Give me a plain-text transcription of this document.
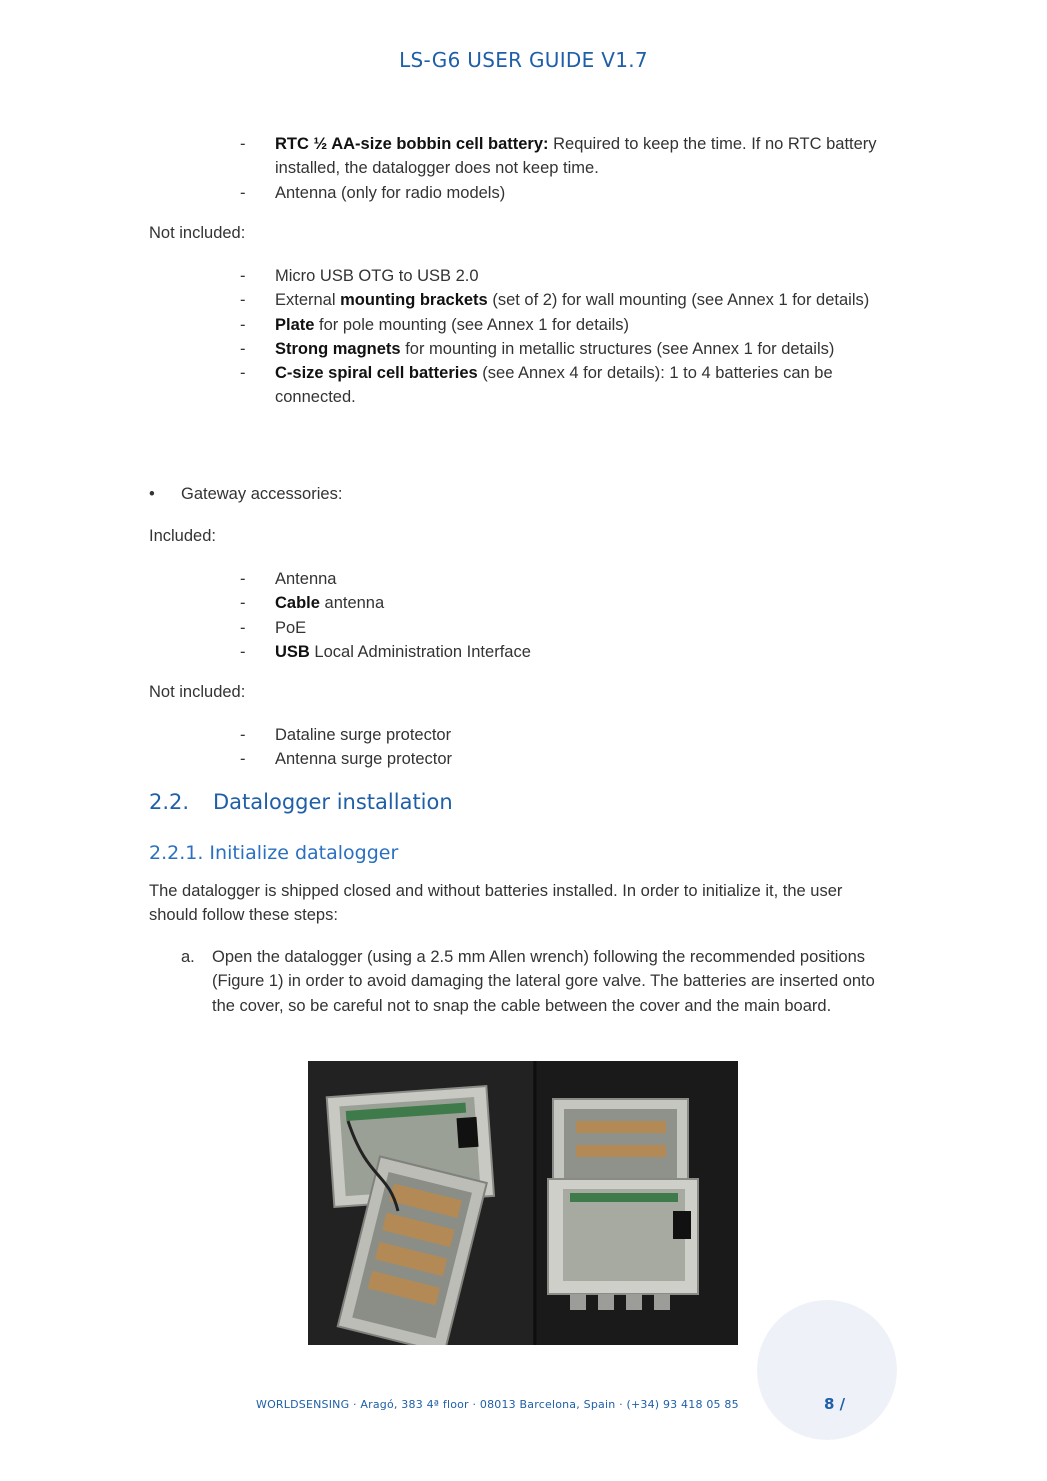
LS-G6 USER GUIDE V1.7
- RTC ½ AA-size bobbin cell battery: Required to keep the time. If no RTC battery installed, the datalogger does not keep time.
- Antenna (only for radio models)
Not included:
- Micro USB OTG to USB 2.0
- External mounting brackets (set of 2) for wall mounting (see Annex 1 for details)
- Plate for pole mounting (see Annex 1 for details)
- Strong magnets for mounting in metallic structures (see Annex 1 for details)
- C-size spiral cell batteries (see Annex 4 for details): 1 to 4 batteries can be connected.
• Gateway accessories:
Included:
- Antenna
- Cable antenna
- PoE
- USB Local Administration Interface
Not included:
- Dataline surge protector
- Antenna surge protector
2.2. Datalogger installation
2.2.1. Initialize datalogger
The datalogger is shipped closed and without batteries installed. In order to initialize it, the user should follow these steps:
a. Open the datalogger (using a 2.5 mm Allen wrench) following the recommended positions (Figure 1) in order to avoid damaging the lateral gore valve. The batteries are inserted onto the cover, so be careful not to snap the cable between the cover and the main board.
WORLDSENSING · Aragó, 383 4ª floor · 08013 Barcelona, Spain · (+34) 93 418 05 85	8 /
